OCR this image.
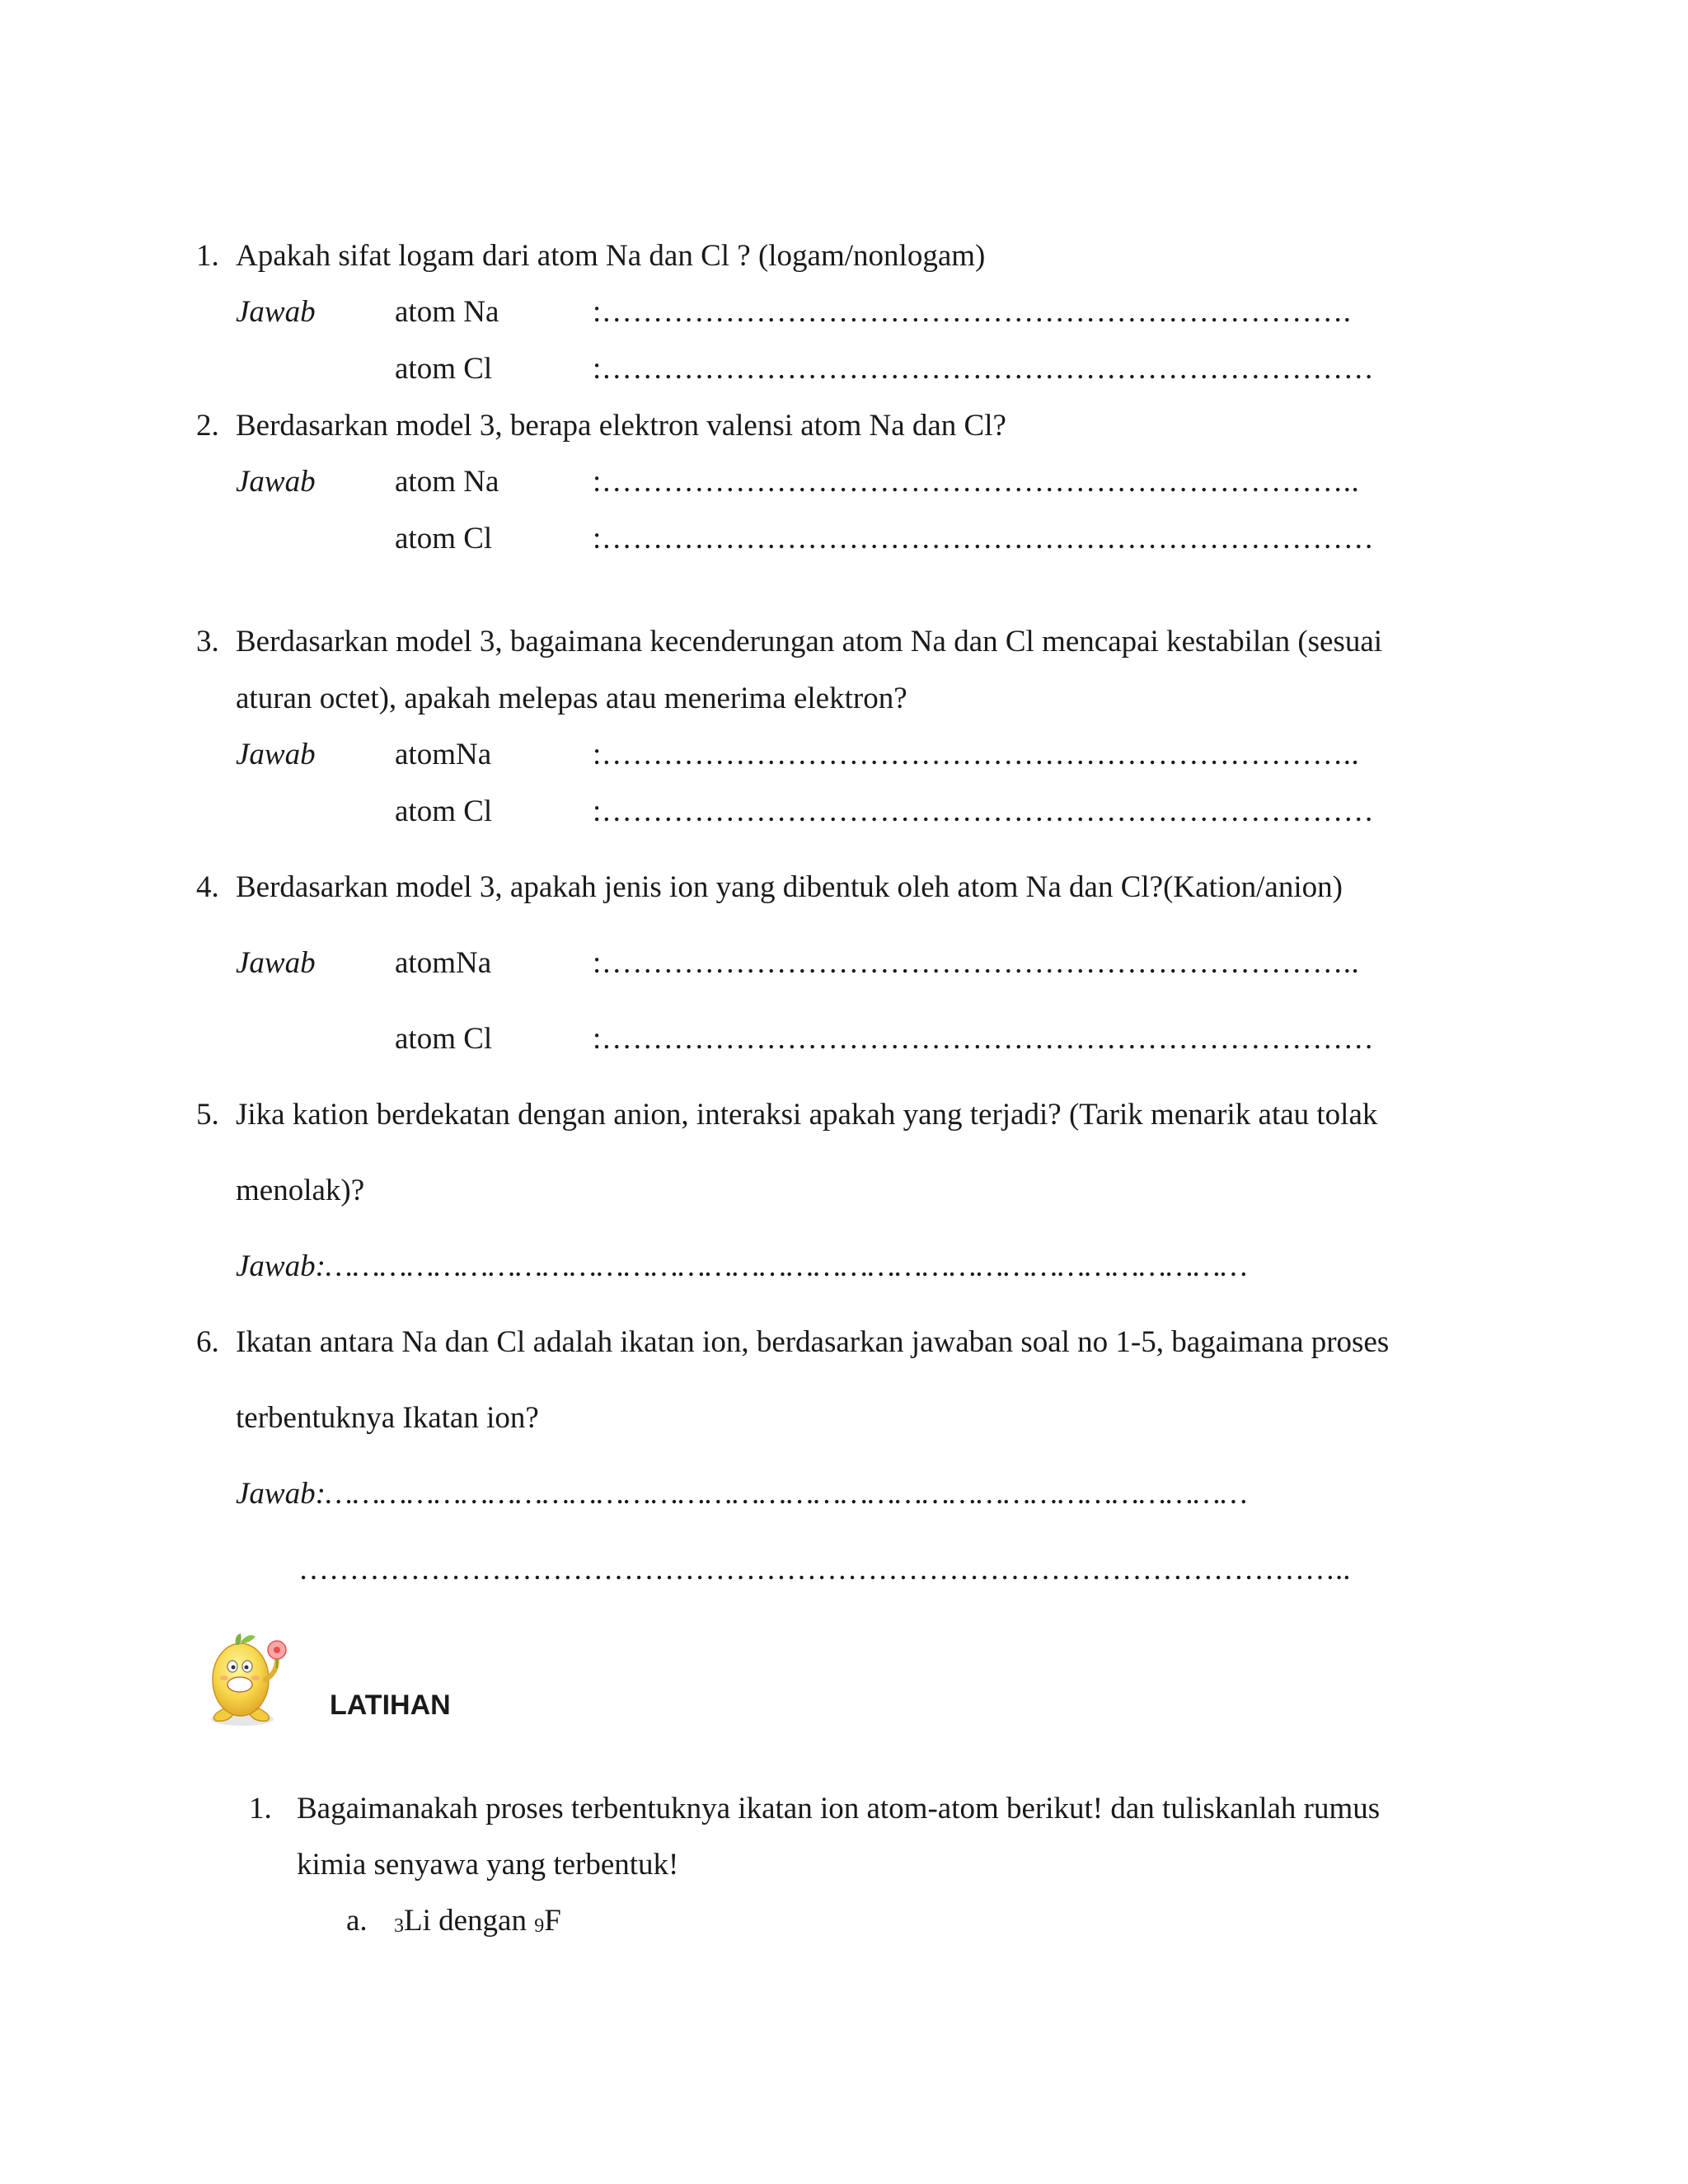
1. Apakah sifat logam dari atom Na dan Cl ? (logam/nonlogam)
Jawab	atom Na	:……………………………………………………………….
atom Cl	:…………………………………………………………………
2. Berdasarkan model 3, berapa elektron valensi atom Na dan Cl?
Jawab	atom Na	:………………………………………………………………..
atom Cl	:…………………………………………………………………
3. Berdasarkan model 3, bagaimana kecenderungan atom Na dan Cl mencapai kestabilan (sesuai
aturan octet), apakah melepas atau menerima elektron?
Jawab	atomNa	:………………………………………………………………..
atom Cl	:…………………………………………………………………
4. Berdasarkan model 3, apakah jenis ion yang dibentuk oleh atom Na dan Cl?(Kation/anion)
Jawab	atomNa	:………………………………………………………………..
atom Cl	:…………………………………………………………………
5. Jika kation berdekatan dengan anion, interaksi apakah yang terjadi? (Tarik menarik atau tolak
menolak)?
Jawab:…………………………………………………………………………………………
6. Ikatan antara Na dan Cl adalah ikatan ion, berdasarkan jawaban soal no 1-5, bagaimana proses
terbentuknya Ikatan ion?
Jawab:…………………………………………………………………………………………
…………………………………………………………………………………………..
LATIHAN
1. Bagaimanakah proses terbentuknya ikatan ion atom-atom berikut! dan tuliskanlah rumus
kimia senyawa yang terbentuk!
a. $_3$Li dengan $_9$F
